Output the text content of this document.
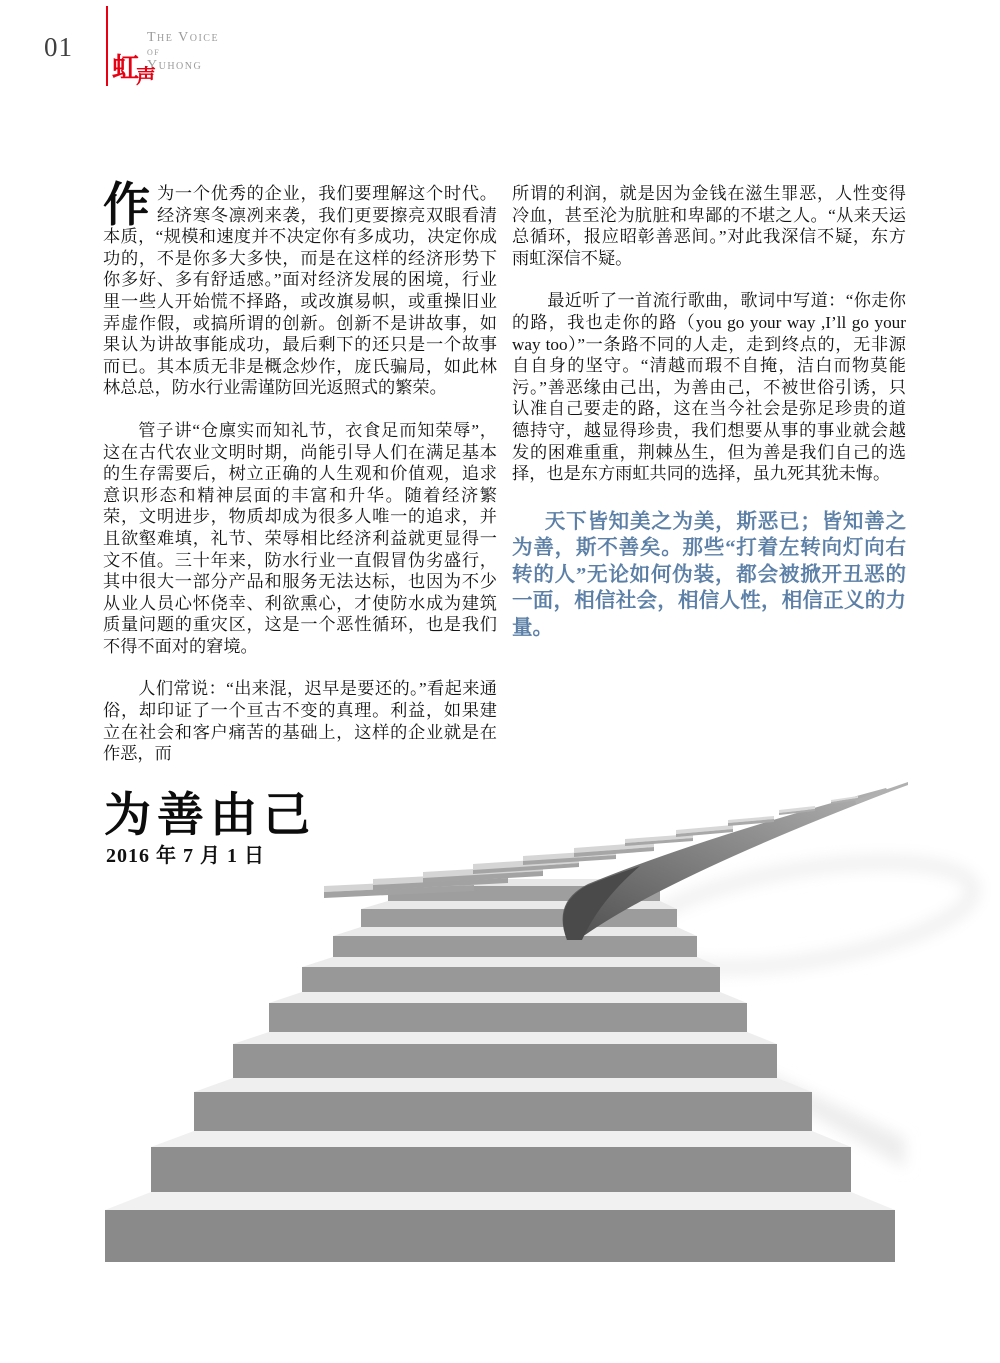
01	The Voice
of
Yuhong
虹
声

作为一个优秀的企业，我们要理解这个时代。经济寒冬凛冽来袭，我们更要擦亮双眼看清本质，“规模和速度并不决定你有多成功，决定你成功的，不是你多大多快，而是在这样的经济形势下你多好、多有舒适感。”面对经济发展的困境，行业里一些人开始慌不择路，或改旗易帜，或重操旧业弄虚作假，或搞所谓的创新。创新不是讲故事，如果认为讲故事能成功，最后剩下的还只是一个故事而已。其本质无非是概念炒作，庞氏骗局，如此林林总总，防水行业需谨防回光返照式的繁荣。

管子讲“仓廪实而知礼节，衣食足而知荣辱”，这在古代农业文明时期，尚能引导人们在满足基本的生存需要后，树立正确的人生观和价值观，追求意识形态和精神层面的丰富和升华。随着经济繁荣，文明进步，物质却成为很多人唯一的追求，并且欲壑难填，礼节、荣辱相比经济利益就更显得一文不值。三十年来，防水行业一直假冒伪劣盛行，其中很大一部分产品和服务无法达标，也因为不少从业人员心怀侥幸、利欲熏心，才使防水成为建筑质量问题的重灾区，这是一个恶性循环，也是我们不得不面对的窘境。

人们常说：“出来混，迟早是要还的。”看起来通俗，却印证了一个亘古不变的真理。利益，如果建立在社会和客户痛苦的基础上，这样的企业就是在作恶，而

所谓的利润，就是因为金钱在滋生罪恶，人性变得冷血，甚至沦为肮脏和卑鄙的不堪之人。“从来天运总循环，报应昭彰善恶间。”对此我深信不疑，东方雨虹深信不疑。

最近听了一首流行歌曲，歌词中写道：“你走你的路，我也走你的路（you go your way ,I’ll go your way too）”一条路不同的人走，走到终点的，无非源自自身的坚守。“清越而瑕不自掩，洁白而物莫能污。”善恶缘由己出，为善由己，不被世俗引诱，只认准自己要走的路，这在当今社会是弥足珍贵的道德持守，越显得珍贵，我们想要从事的事业就会越发的困难重重，荆棘丛生，但为善是我们自己的选择，也是东方雨虹共同的选择，虽九死其犹未悔。

天下皆知美之为美，斯恶已；皆知善之为善，斯不善矣。那些“打着左转向灯向右转的人”无论如何伪装，都会被掀开丑恶的一面，相信社会，相信人性，相信正义的力量。

为善由己
2016 年 7 月 1 日
